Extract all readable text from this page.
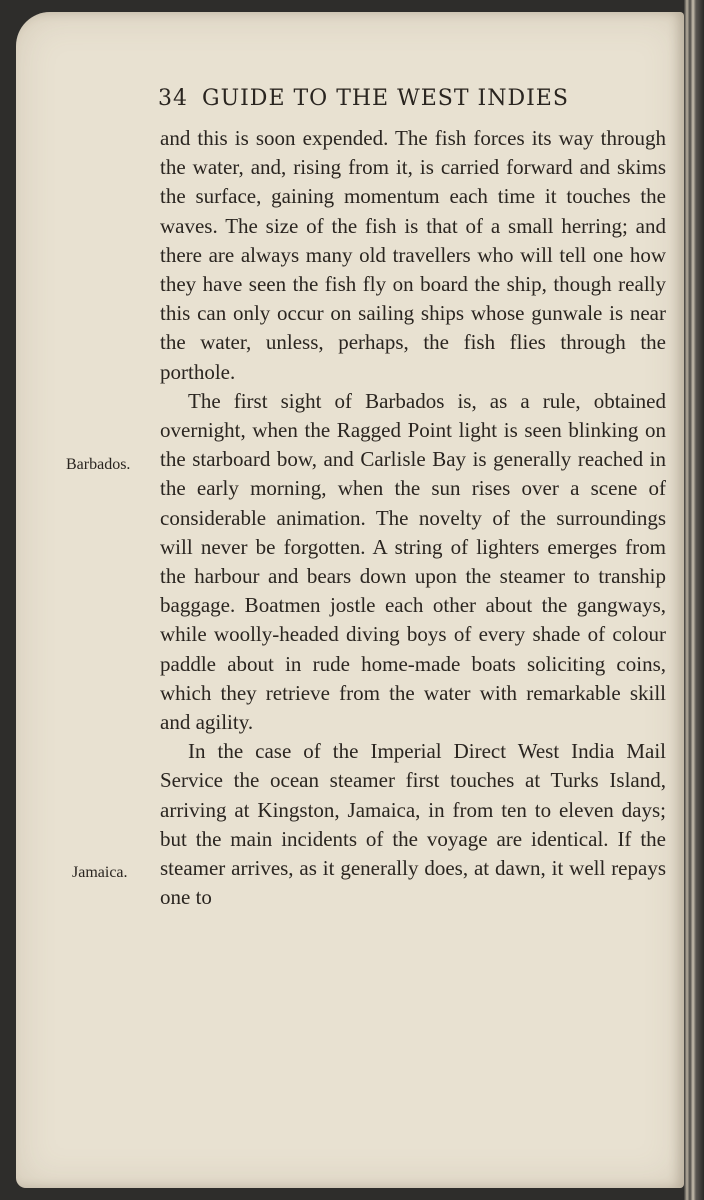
34 GUIDE TO THE WEST INDIES
Barbados.
Jamaica.

and this is soon expended. The fish forces its way through the water, and, rising from it, is carried forward and skims the surface, gaining momentum each time it touches the waves. The size of the fish is that of a small herring; and there are always many old travellers who will tell one how they have seen the fish fly on board the ship, though really this can only occur on sailing ships whose gunwale is near the water, unless, perhaps, the fish flies through the porthole.

The first sight of Barbados is, as a rule, obtained overnight, when the Ragged Point light is seen blinking on the starboard bow, and Carlisle Bay is generally reached in the early morning, when the sun rises over a scene of considerable animation. The novelty of the surroundings will never be forgotten. A string of lighters emerges from the harbour and bears down upon the steamer to tranship baggage. Boatmen jostle each other about the gangways, while woolly-headed diving boys of every shade of colour paddle about in rude home-made boats soliciting coins, which they retrieve from the water with remarkable skill and agility.

In the case of the Imperial Direct West India Mail Service the ocean steamer first touches at Turks Island, arriving at Kingston, Jamaica, in from ten to eleven days; but the main incidents of the voyage are identical. If the steamer arrives, as it generally does, at dawn, it well repays one to
